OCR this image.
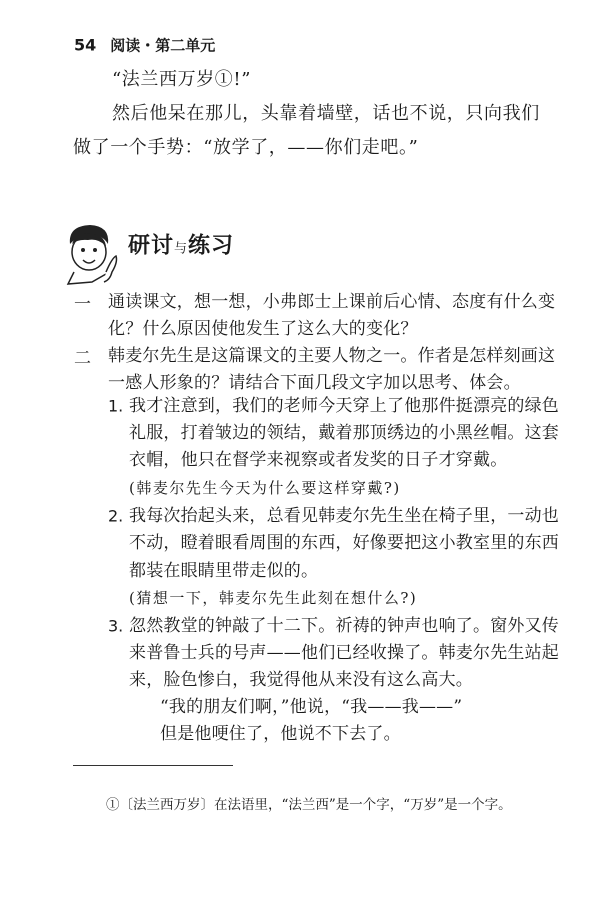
54 阅读・第二单元
“法兰西万岁①!”
然后他呆在那儿，头靠着墙壁，话也不说，只向我们
做了一个手势：“放学了，——你们走吧。”
研讨与练习
一 通读课文，想一想，小弗郎士上课前后心情、态度有什么变
化？什么原因使他发生了这么大的变化？
二 韩麦尔先生是这篇课文的主要人物之一。作者是怎样刻画这
一感人形象的？请结合下面几段文字加以思考、体会。
1. 我才注意到，我们的老师今天穿上了他那件挺漂亮的绿色
礼服，打着皱边的领结，戴着那顶绣边的小黑丝帽。这套
衣帽，他只在督学来视察或者发奖的日子才穿戴。
(韩麦尔先生今天为什么要这样穿戴?)
2. 我每次抬起头来，总看见韩麦尔先生坐在椅子里，一动也
不动，瞪着眼看周围的东西，好像要把这小教室里的东西
都装在眼睛里带走似的。
(猜想一下，韩麦尔先生此刻在想什么?)
3. 忽然教堂的钟敲了十二下。祈祷的钟声也响了。窗外又传
来普鲁士兵的号声——他们已经收操了。韩麦尔先生站起
来，脸色惨白，我觉得他从来没有这么高大。
“我的朋友们啊，”他说，“我——我——”
但是他哽住了，他说不下去了。
①〔法兰西万岁〕在法语里，“法兰西”是一个字，“万岁”是一个字。
